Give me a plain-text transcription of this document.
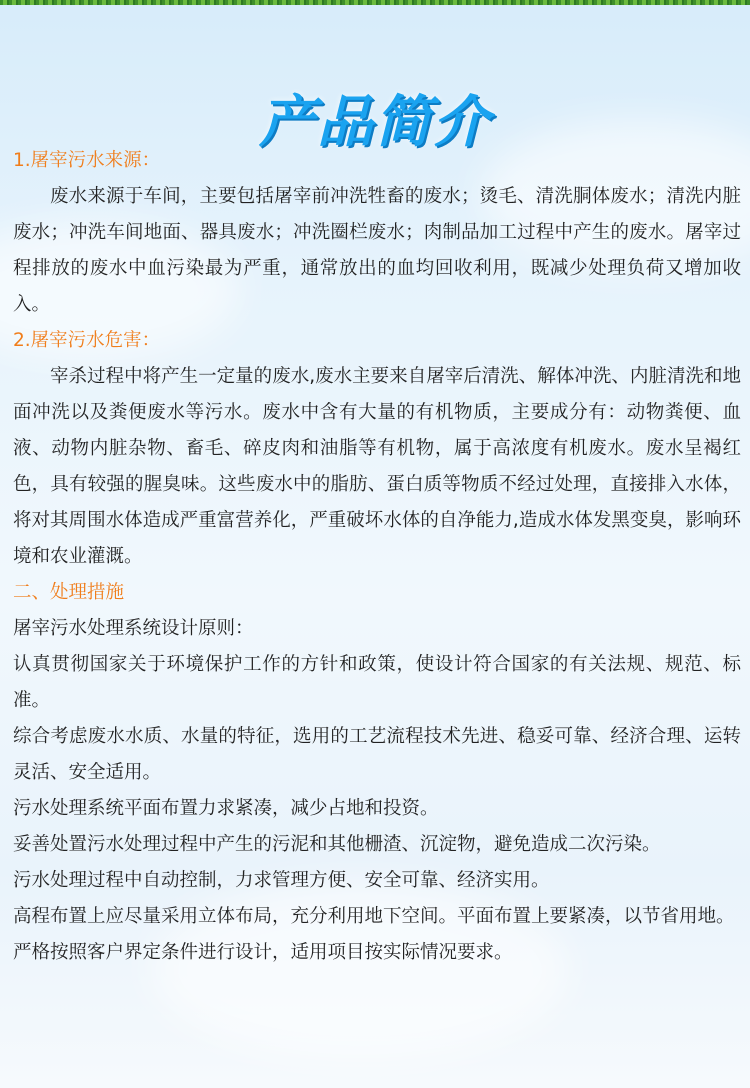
产品简介

1.屠宰污水来源：

废水来源于车间，主要包括屠宰前冲洗牲畜的废水；烫毛、清洗胴体废水；清洗内脏废水；冲洗车间地面、器具废水；冲洗圈栏废水；肉制品加工过程中产生的废水。屠宰过程排放的废水中血污染最为严重，通常放出的血均回收利用，既减少处理负荷又增加收入。

2.屠宰污水危害：

宰杀过程中将产生一定量的废水,废水主要来自屠宰后清洗、解体冲洗、内脏清洗和地面冲洗以及粪便废水等污水。废水中含有大量的有机物质，主要成分有：动物粪便、血液、动物内脏杂物、畜毛、碎皮肉和油脂等有机物，属于高浓度有机废水。废水呈褐红色，具有较强的腥臭味。这些废水中的脂肪、蛋白质等物质不经过处理，直接排入水体，将对其周围水体造成严重富营养化，严重破坏水体的自净能力,造成水体发黑变臭，影响环境和农业灌溉。

二、处理措施

屠宰污水处理系统设计原则：

认真贯彻国家关于环境保护工作的方针和政策，使设计符合国家的有关法规、规范、标准。

综合考虑废水水质、水量的特征，选用的工艺流程技术先进、稳妥可靠、经济合理、运转灵活、安全适用。

污水处理系统平面布置力求紧凑，减少占地和投资。

妥善处置污水处理过程中产生的污泥和其他栅渣、沉淀物，避免造成二次污染。

污水处理过程中自动控制，力求管理方便、安全可靠、经济实用。

高程布置上应尽量采用立体布局，充分利用地下空间。平面布置上要紧凑，以节省用地。

严格按照客户界定条件进行设计，适用项目按实际情况要求。
